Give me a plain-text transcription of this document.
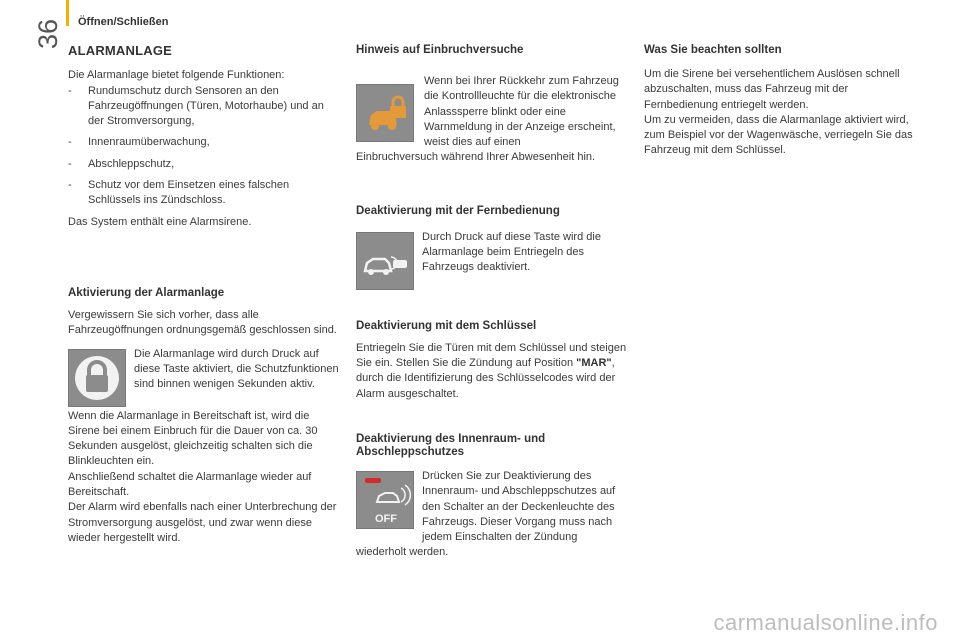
36	Öffnen/Schließen
ALARMANLAGE

Die Alarmanlage bietet folgende Funktionen:

- Rundumschutz durch Sensoren an den Fahrzeugöffnungen (Türen, Motorhaube) und an der Stromversorgung,
- Innenraumüberwachung,
- Abschleppschutz,
- Schutz vor dem Einsetzen eines falschen Schlüssels ins Zündschloss.

Das System enthält eine Alarmsirene.

Aktivierung der Alarmanlage

Vergewissern Sie sich vorher, dass alle Fahrzeugöffnungen ordnungsgemäß geschlossen sind.

Die Alarmanlage wird durch Druck auf diese Taste aktiviert, die Schutzfunktionen sind binnen wenigen Sekunden aktiv.

Wenn die Alarmanlage in Bereitschaft ist, wird die Sirene bei einem Einbruch für die Dauer von ca. 30 Sekunden ausgelöst, gleichzeitig schalten sich die Blinkleuchten ein.

Anschließend schaltet die Alarmanlage wieder auf Bereitschaft.

Der Alarm wird ebenfalls nach einer Unterbrechung der Stromversorgung ausgelöst, und zwar wenn diese wieder hergestellt wird.

Hinweis auf Einbruchversuche

Wenn bei Ihrer Rückkehr zum Fahrzeug die Kontrollleuchte für die elektronische Anlasssperre blinkt oder eine Warnmeldung in der Anzeige erscheint, weist dies auf einen

Einbruchversuch während Ihrer Abwesenheit hin.

Deaktivierung mit der Fernbedienung

Durch Druck auf diese Taste wird die Alarmanlage beim Entriegeln des Fahrzeugs deaktiviert.

Deaktivierung mit dem Schlüssel

Entriegeln Sie die Türen mit dem Schlüssel und steigen Sie ein. Stellen Sie die Zündung auf Position "MAR", durch die Identifizierung des Schlüsselcodes wird der Alarm ausgeschaltet.

Deaktivierung des Innenraum- und Abschleppschutzes
OFF

Drücken Sie zur Deaktivierung des Innenraum- und Abschleppschutzes auf den Schalter an der Deckenleuchte des Fahrzeugs. Dieser Vorgang muss nach jedem Einschalten der Zündung

wiederholt werden.

Was Sie beachten sollten

Um die Sirene bei versehentlichem Auslösen schnell abzuschalten, muss das Fahrzeug mit der Fernbedienung entriegelt werden.

Um zu vermeiden, dass die Alarmanlage aktiviert wird, zum Beispiel vor der Wagenwäsche, verriegeln Sie das Fahrzeug mit dem Schlüssel.

carmanualsonline.info
